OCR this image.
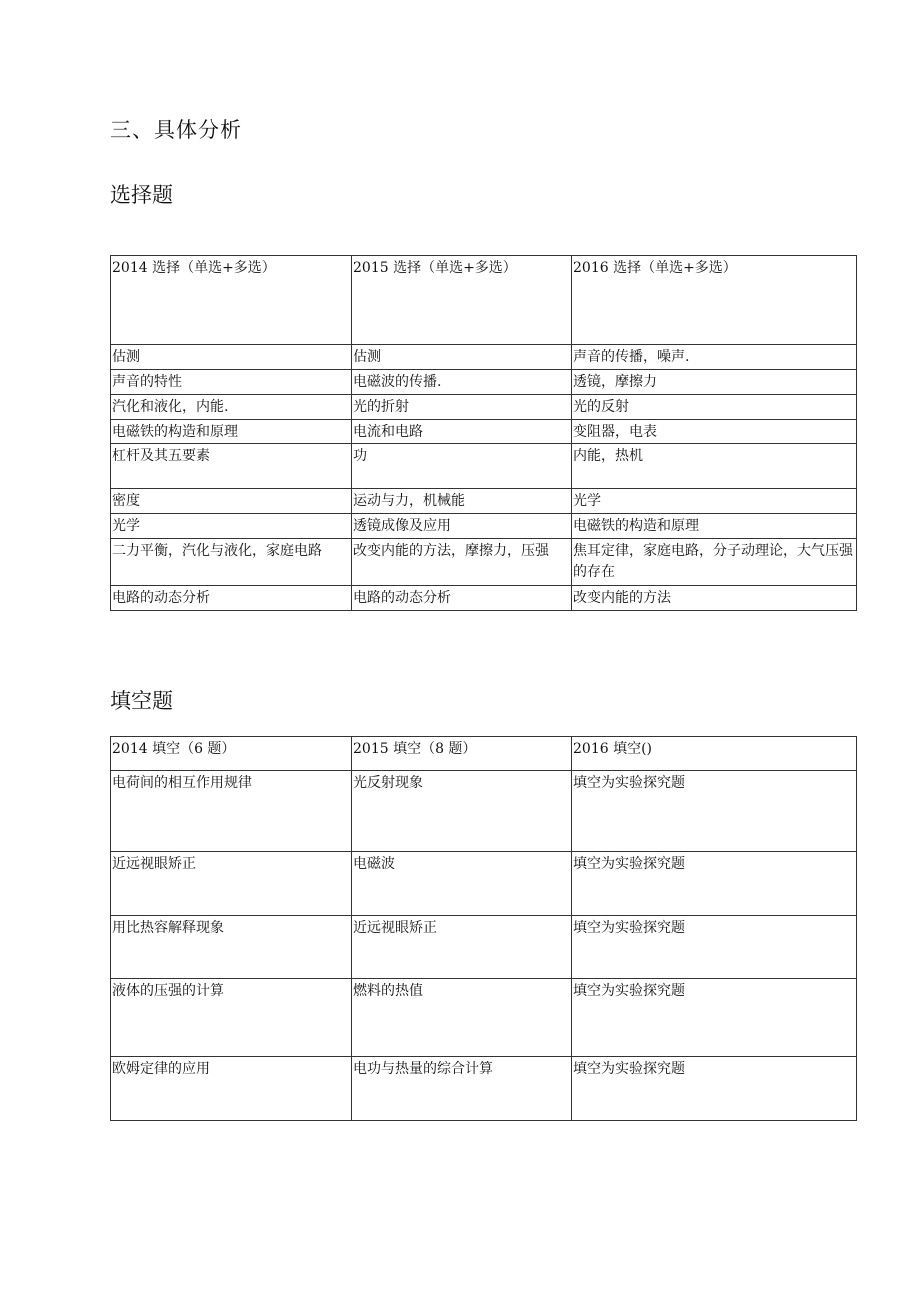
三、具体分析
选择题
2014 选择（单选+多选）	2015 选择（单选+多选）	2016 选择（单选+多选）
估测	估测	声音的传播，噪声.
声音的特性	电磁波的传播.	透镜，摩擦力
汽化和液化，内能.	光的折射	光的反射
电磁铁的构造和原理	电流和电路	变阻器，电表
杠杆及其五要素	功	内能，热机
密度	运动与力，机械能	光学
光学	透镜成像及应用	电磁铁的构造和原理
二力平衡，汽化与液化，家庭电路	改变内能的方法，摩擦力，压强	焦耳定律，家庭电路，分子动理论，大气压强的存在
电路的动态分析	电路的动态分析	改变内能的方法
填空题
2014 填空（6 题）	2015 填空（8 题）	2016 填空()
电荷间的相互作用规律	光反射现象	填空为实验探究题
近远视眼矫正	电磁波	填空为实验探究题
用比热容解释现象	近远视眼矫正	填空为实验探究题
液体的压强的计算	燃料的热值	填空为实验探究题
欧姆定律的应用	电功与热量的综合计算	填空为实验探究题
